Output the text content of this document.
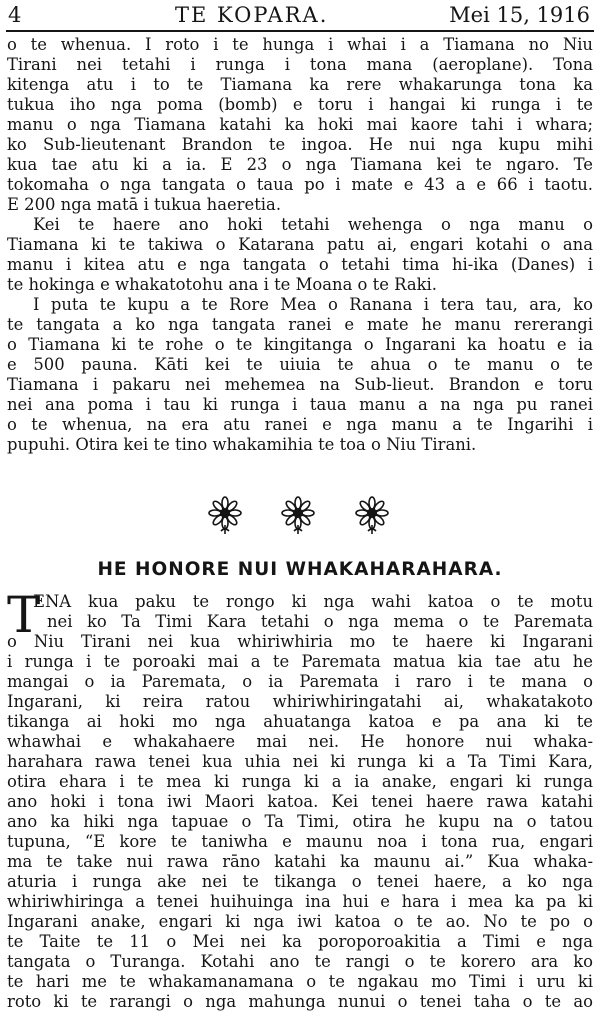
4	TE KOPARA.	Mei 15, 1916
o te whenua. I roto i te hunga i whai i a Tiamana no Niu
Tirani nei tetahi i runga i tona mana (aeroplane). Tona
kitenga atu i to te Tiamana ka rere whakarunga tona ka
tukua iho nga poma (bomb) e toru i hangai ki runga i te
manu o nga Tiamana katahi ka hoki mai kaore tahi i whara;
ko Sub-lieutenant Brandon te ingoa. He nui nga kupu mihi
kua tae atu ki a ia. E 23 o nga Tiamana kei te ngaro. Te
tokomaha o nga tangata o taua po i mate e 43 a e 66 i taotu.
E 200 nga matā i tukua haeretia.
Kei te haere ano hoki tetahi wehenga o nga manu o
Tiamana ki te takiwa o Katarana patu ai, engari kotahi o ana
manu i kitea atu e nga tangata o tetahi tima hi-ika (Danes) i
te hokinga e whakatotohu ana i te Moana o te Raki.
I puta te kupu a te Rore Mea o Ranana i tera tau, ara, ko
te tangata a ko nga tangata ranei e mate he manu rererangi
o Tiamana ki te rohe o te kingitanga o Ingarani ka hoatu e ia
e 500 pauna. Kāti kei te uiuia te ahua o te manu o te
Tiamana i pakaru nei mehemea na Sub-lieut. Brandon e toru
nei ana poma i tau ki runga i taua manu a na nga pu ranei
o te whenua, na era atu ranei e nga manu a te Ingarihi i
pupuhi. Otira kei te tino whakamihia te toa o Niu Tirani.
HE HONORE NUI WHAKAHARAHARA.
T
ENA kua paku te rongo ki nga wahi katoa o te motu
nei ko Ta Timi Kara tetahi o nga mema o te Paremata
o Niu Tirani nei kua whiriwhiria mo te haere ki Ingarani
i runga i te poroaki mai a te Paremata matua kia tae atu he
mangai o ia Paremata, o ia Paremata i raro i te mana o
Ingarani, ki reira ratou whiriwhiringatahi ai, whakatakoto
tikanga ai hoki mo nga ahuatanga katoa e pa ana ki te
whawhai e whakahaere mai nei. He honore nui whaka-
harahara rawa tenei kua uhia nei ki runga ki a Ta Timi Kara,
otira ehara i te mea ki runga ki a ia anake, engari ki runga
ano hoki i tona iwi Maori katoa. Kei tenei haere rawa katahi
ano ka hiki nga tapuae o Ta Timi, otira he kupu na o tatou
tupuna, “E kore te taniwha e maunu noa i tona rua, engari
ma te take nui rawa rāno katahi ka maunu ai.” Kua whaka-
aturia i runga ake nei te tikanga o tenei haere, a ko nga
whiriwhiringa a tenei huihuinga ina hui e hara i mea ka pa ki
Ingarani anake, engari ki nga iwi katoa o te ao. No te po o
te Taite te 11 o Mei nei ka poroporoakitia a Timi e nga
tangata o Turanga. Kotahi ano te rangi o te korero ara ko
te hari me te whakamanamana o te ngakau mo Timi i uru ki
roto ki te rarangi o nga mahunga nunui o tenei taha o te ao
